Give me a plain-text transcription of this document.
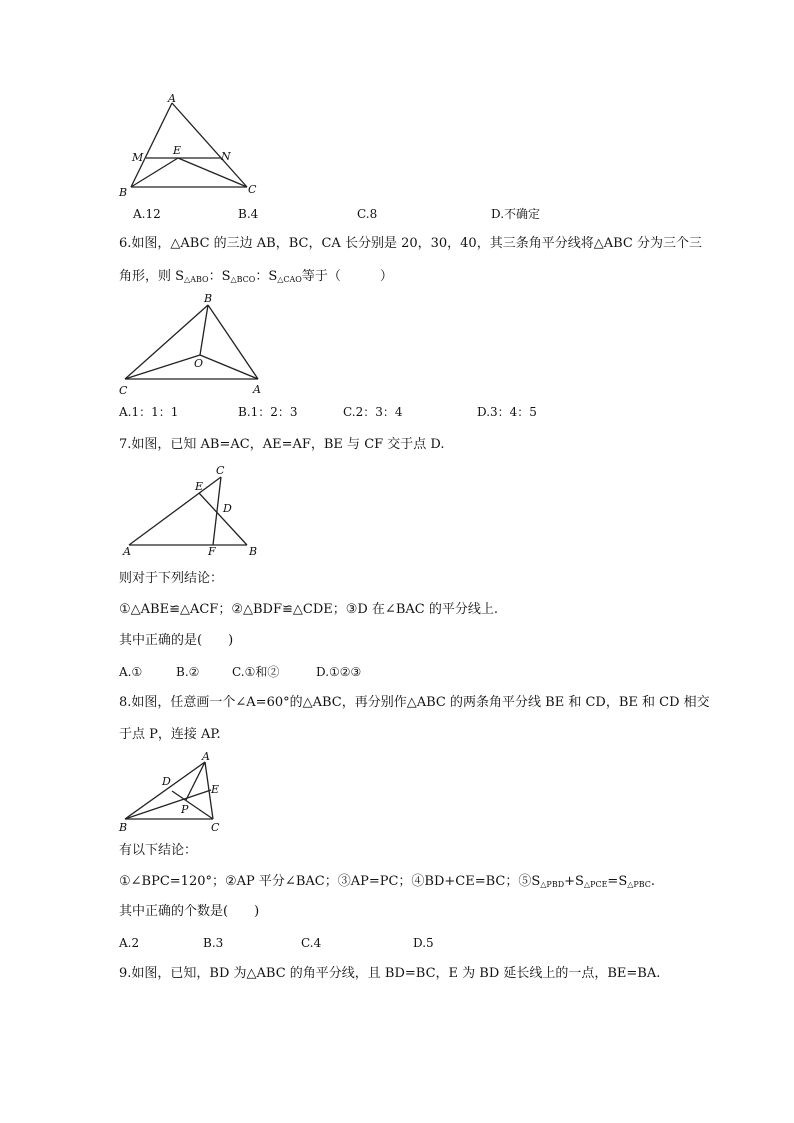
A
M
E	N
B	C
A.12	B.4	C.8	D.不确定
6.如图，△ABC 的三边 AB，BC，CA 长分别是 20，30，40，其三条角平分线将△ABC 分为三个三
角形，则 $S_{\triangle ABO}$：$S_{\triangle BCO}$：$S_{\triangle CAO}$等于（　　　）
B
O
C	A
A.1：1：1	B.1：2：3	C.2：3：4	D.3：4：5
7.如图，已知 AB=AC，AE=AF，BE 与 CF 交于点 D.
C
E
D
A	F	B
则对于下列结论：
①△ABE≌△ACF；②△BDF≌△CDE；③D 在∠BAC 的平分线上.
其中正确的是(　　)
A.①	B.②	C.①和②	D.①②③
8.如图，任意画一个∠A=60°的△ABC，再分别作△ABC 的两条角平分线 BE 和 CD，BE 和 CD 相交
于点 P，连接 AP.
A
D
E
P
B	C
有以下结论：
①∠BPC=120°；②AP 平分∠BAC；③AP=PC；④BD+CE=BC；$⑤S_{\triangle PBD}+S_{\triangle PCE}=S_{\triangle PBC}$.
其中正确的个数是(　　)
A.2	B.3	C.4	D.5
9.如图，已知，BD 为△ABC 的角平分线，且 BD=BC，E 为 BD 延长线上的一点，BE=BA.
